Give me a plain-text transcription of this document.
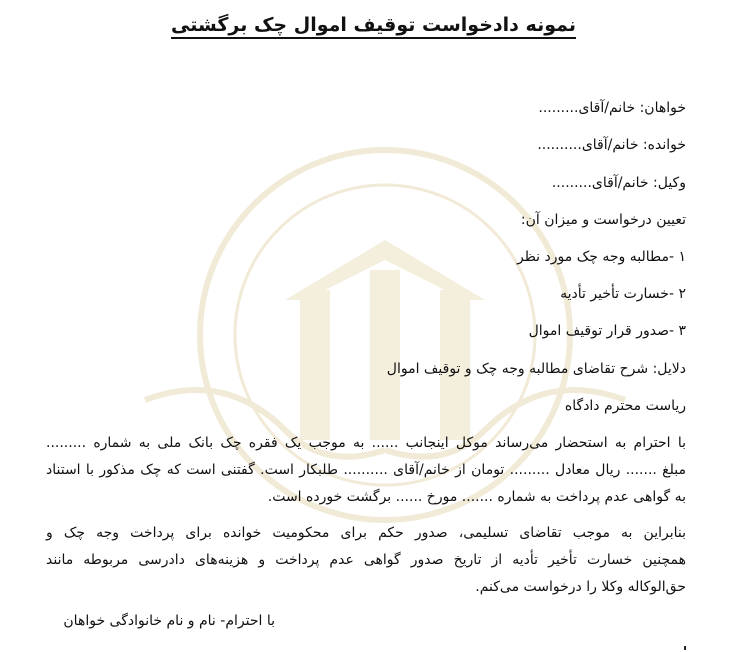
نمونه دادخواست توقیف اموال چک برگشتی
خواهان: خانم/آقای.........
خوانده: خانم/آقای..........
وکیل: خانم/آقای.........
تعیین درخواست و میزان آن:
۱ -مطالبه وجه چک مورد نظر
۲ -خسارت تأخیر تأدیه
۳ -صدور قرار توقیف اموال
دلایل: شرح تقاضای مطالبه وجه چک و توقیف اموال
ریاست محترم دادگاه
با احترام به استحضار می‌رساند موکل اینجانب ...... به موجب یک فقره چک بانک ملی به شماره .........
مبلغ ....... ریال معادل ......... تومان از خانم/آقای .......... طلبکار است. گفتنی است که چک مذکور با استناد
به گواهی عدم پرداخت به شماره ....... مورخ ...... برگشت خورده است.
بنابراین به موجب تقاضای تسلیمی، صدور حکم برای محکومیت خوانده برای پرداخت وجه چک و
همچنین خسارت تأخیر تأدیه از تاریخ صدور گواهی عدم پرداخت و هزینه‌های دادرسی مربوطه مانند
حق‌الوکاله وکلا را درخواست می‌کنم.
با احترام- نام و نام خانوادگی خواهان
